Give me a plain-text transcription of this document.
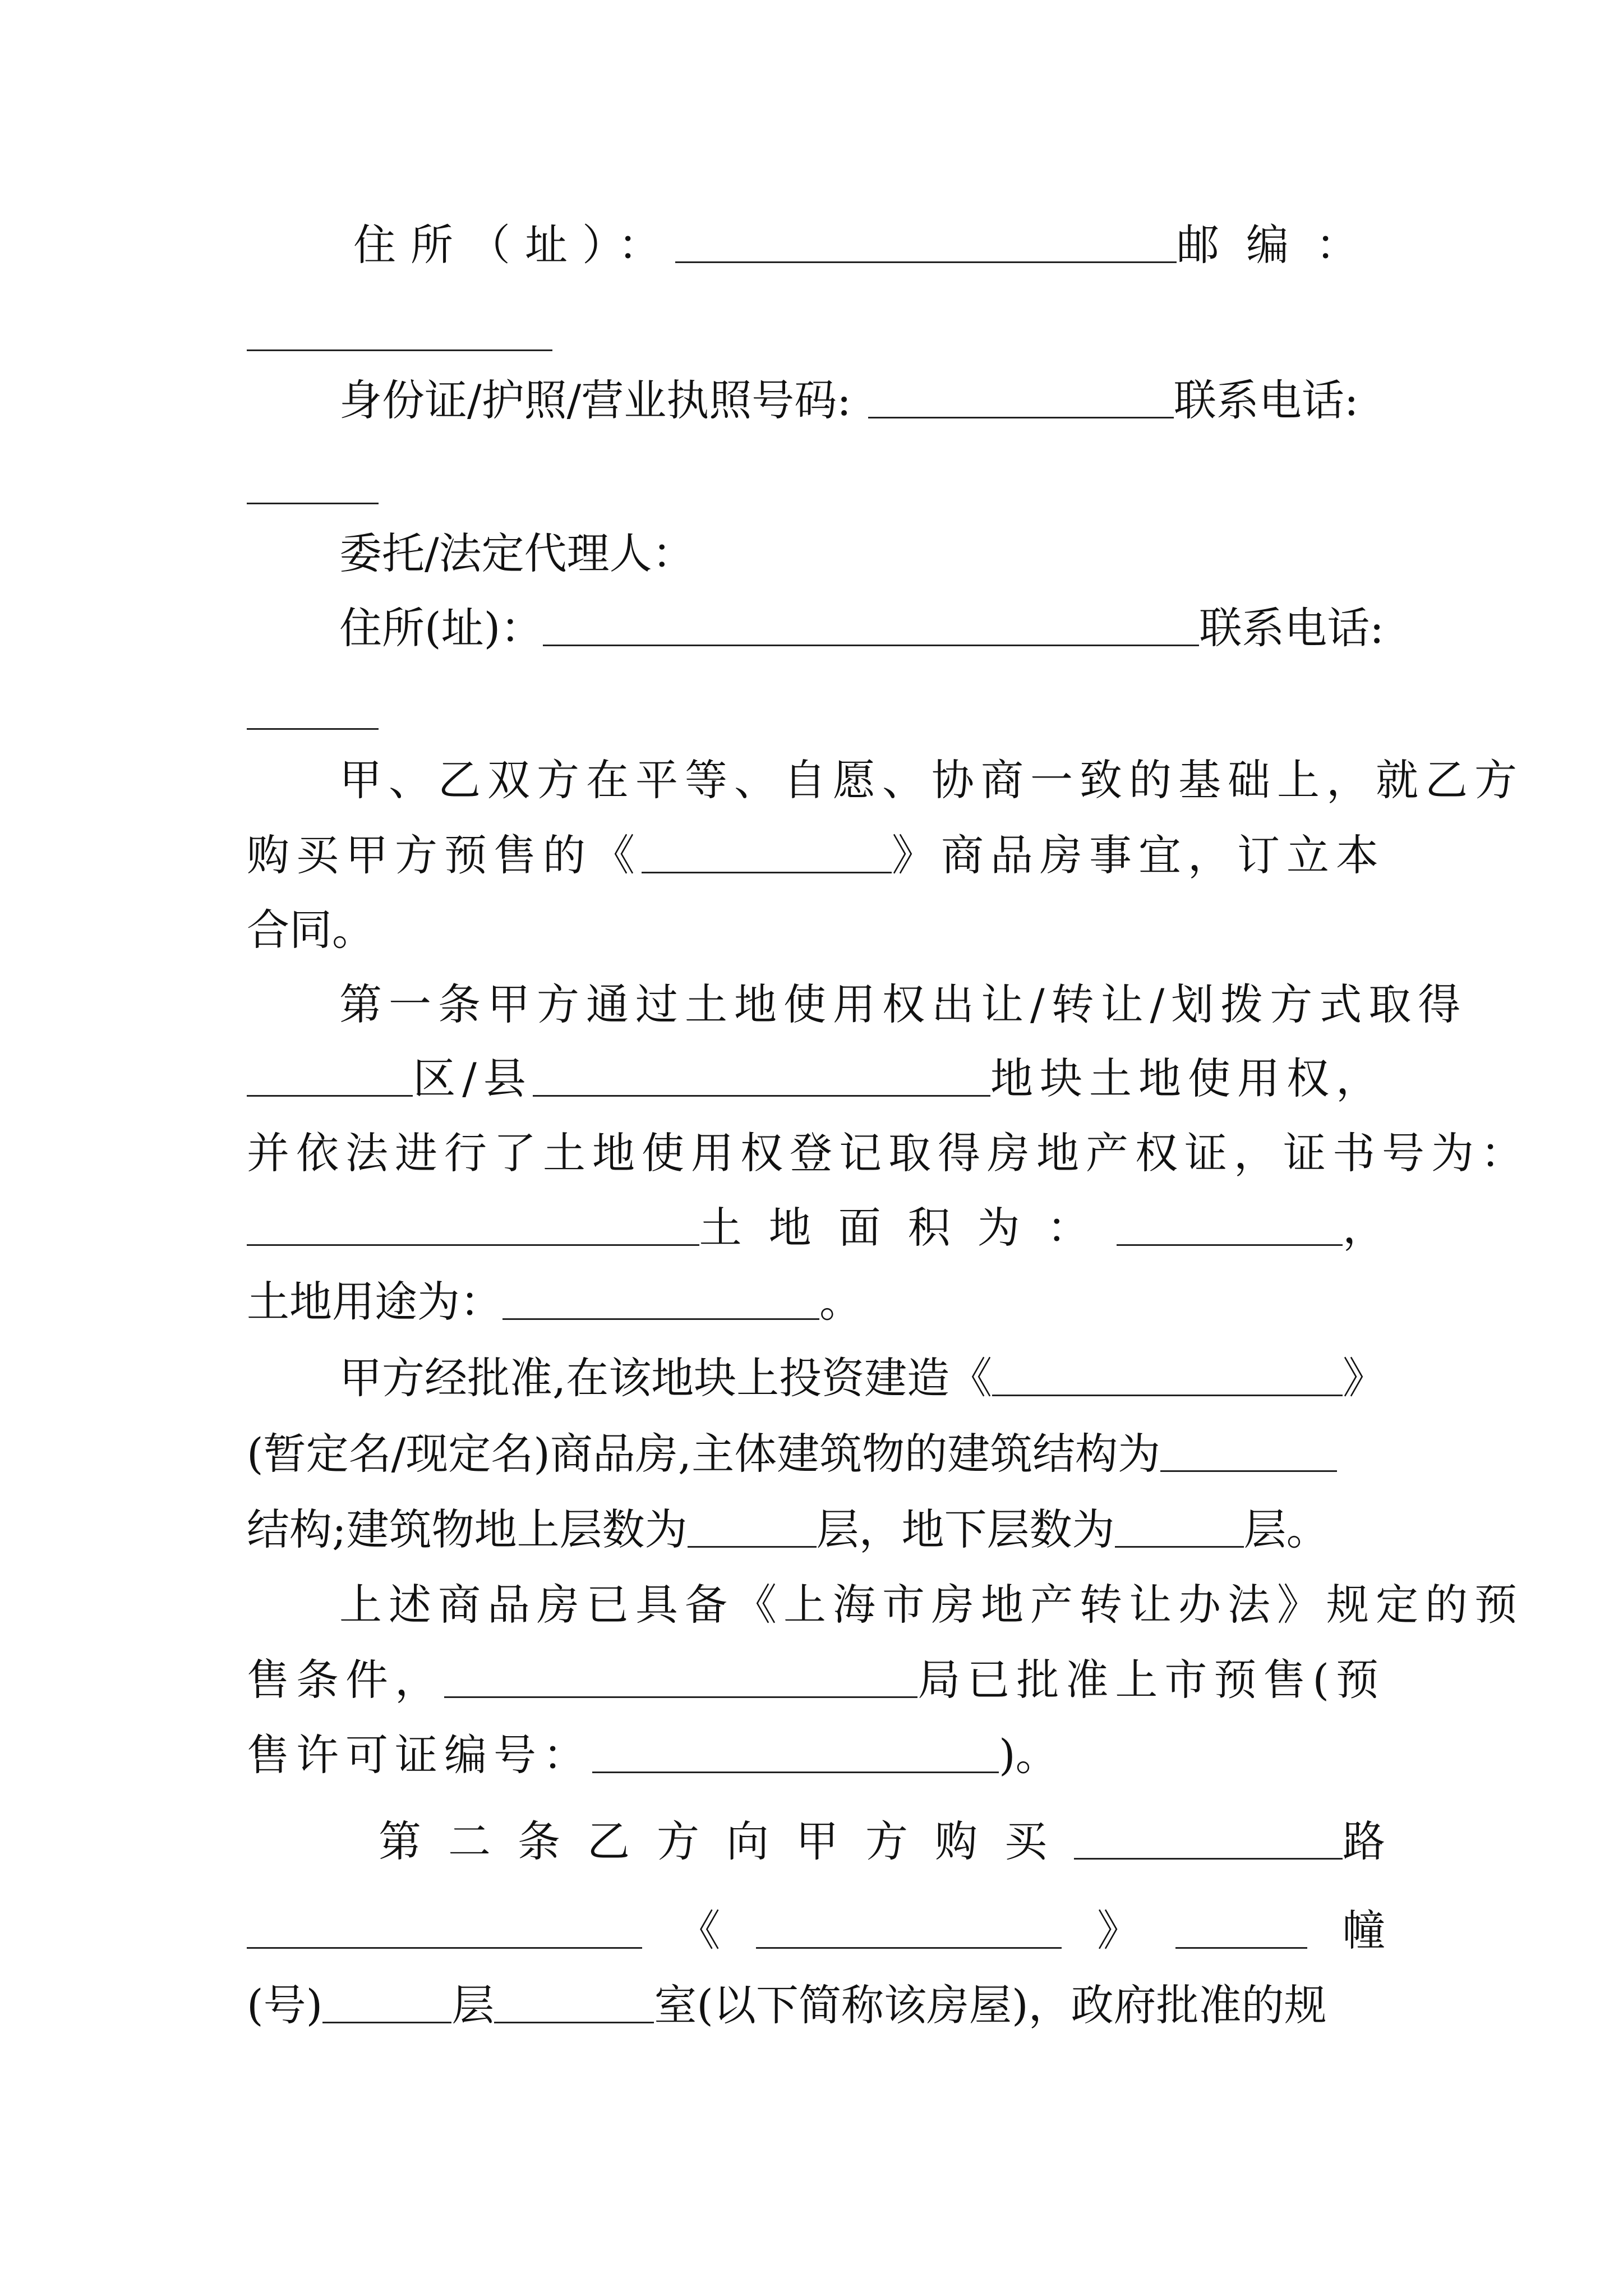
住所（址）：	邮编：
身份证/护照/营业执照号码:	联系电话:
委托/法定代理人：
住所(址)：	联系电话:
甲、乙双方在平等、自愿、协商一致的基础上，就乙方
购买甲方预售的《	》商品房事宜，订立本
合同。
第一条甲方通过土地使用权出让/转让/划拨方式取得
区/县	地块土地使用权，
并依法进行了土地使用权登记取得房地产权证，证书号为：
土地面积为：	，
土地用途为：	。
甲方经批准,在该地块上投资建造《	》
(暂定名/现定名)商品房,主体建筑物的建筑结构为
结构;建筑物地上层数为	层，地下层数为	层。
上述商品房已具备《上海市房地产转让办法》规定的预
售条件，	局已批准上市预售(预
售许可证编号：	)。
第二条乙方向甲方购买	路
《	》	幢
(号)	层	室(以下简称该房屋)，政府批准的规
